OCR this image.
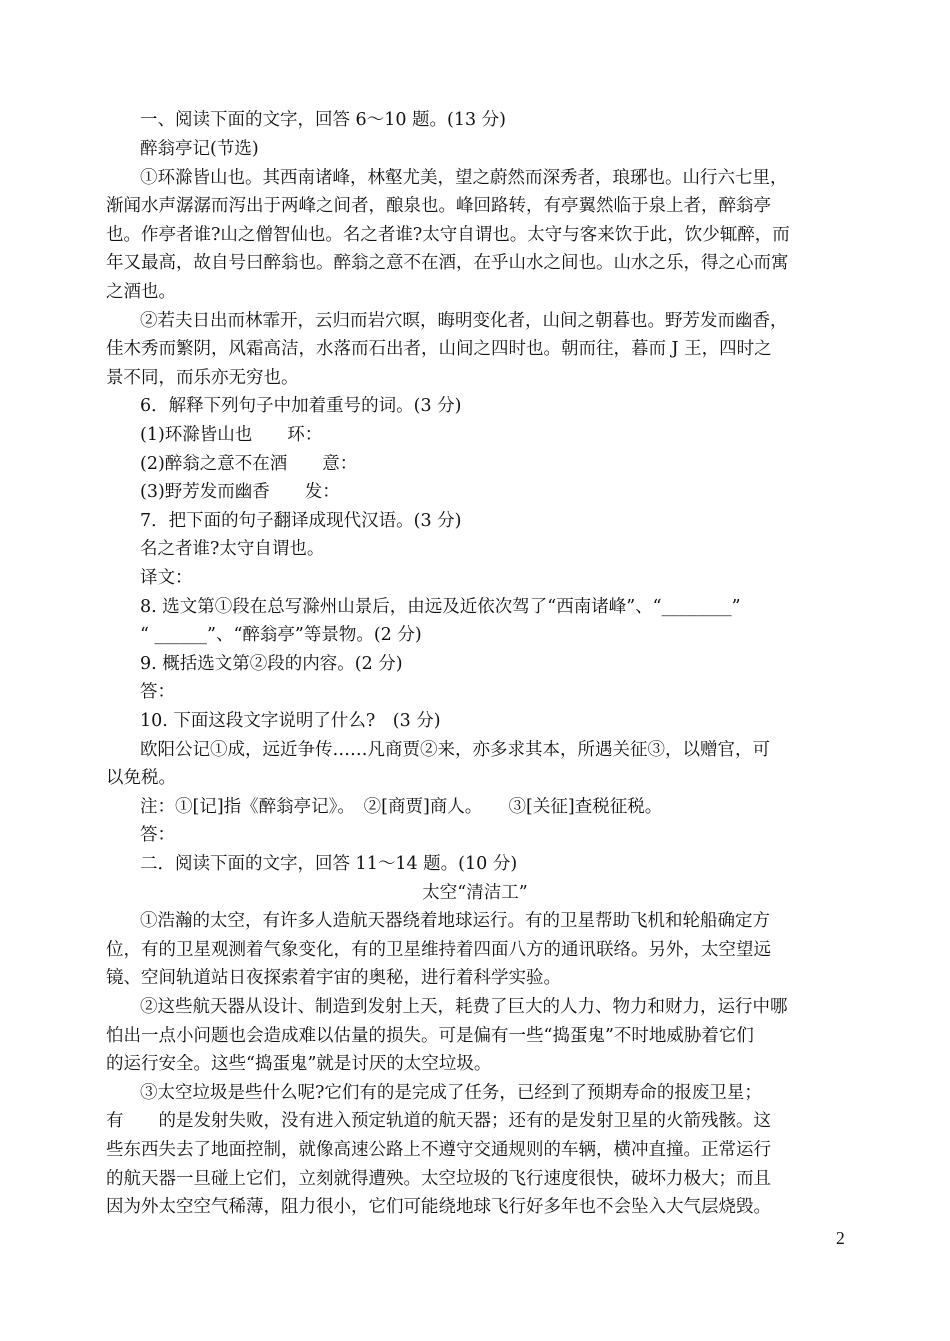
一、阅读下面的文字，回答 6～10 题。(13 分)
醉翁亭记(节选)
①环滁皆山也。其西南诸峰，林壑尤美，望之蔚然而深秀者，琅琊也。山行六七里，
渐闻水声潺潺而泻出于两峰之间者，酿泉也。峰回路转，有亭翼然临于泉上者，醉翁亭
也。作亭者谁?山之僧智仙也。名之者谁?太守自谓也。太守与客来饮于此，饮少辄醉，而
年又最高，故自号曰醉翁也。醉翁之意不在酒，在乎山水之间也。山水之乐，得之心而寓
之酒也。
②若夫日出而林霏开，云归而岩穴暝，晦明变化者，山间之朝暮也。野芳发而幽香，
佳木秀而繁阴，风霜高洁，水落而石出者，山间之四时也。朝而往，暮而 J 王，四时之
景不同，而乐亦无穷也。
6．解释下列句子中加着重号的词。(3 分)
(1)环滁皆山也　　环：
(2)醉翁之意不在酒　　意：
(3)野芳发而幽香　　发：
7．把下面的句子翻译成现代汉语。(3 分)
名之者谁?太守自谓也。
译文：
8. 选文第①段在总写滁州山景后，由远及近依次驾了“西南诸峰”、“________”
“ ______”、“醉翁亭”等景物。(2 分)
9. 概括选文第②段的内容。(2 分)
答：
10. 下面这段文字说明了什么?　(3 分)
欧阳公记①成，远近争传……凡商贾②来，亦多求其本，所遇关征③，以赠官，可
以免税。
注：①[记]指《醉翁亭记》。　②[商贾]商人。　　③[关征]查税征税。
答：
二．阅读下面的文字，回答 11～14 题。(10 分)
太空“清洁工”
①浩瀚的太空，有许多人造航天器绕着地球运行。有的卫星帮助飞机和轮船确定方
位，有的卫星观测着气象变化，有的卫星维持着四面八方的通讯联络。另外，太空望远
镜、空间轨道站日夜探索着宇宙的奥秘，进行着科学实验。
②这些航天器从设计、制造到发射上天，耗费了巨大的人力、物力和财力，运行中哪
怕出一点小问题也会造成难以估量的损失。可是偏有一些“捣蛋鬼”不时地威胁着它们
的运行安全。这些“捣蛋鬼”就是讨厌的太空垃圾。
③太空垃圾是些什么呢?它们有的是完成了任务，已经到了预期寿命的报废卫星；
有　　的是发射失败，没有进入预定轨道的航天器；还有的是发射卫星的火箭残骸。这
些东西失去了地面控制，就像高速公路上不遵守交通规则的车辆，横冲直撞。正常运行
的航天器一旦碰上它们，立刻就得遭殃。太空垃圾的飞行速度很快，破坏力极大；而且
因为外太空空气稀薄，阻力很小，它们可能绕地球飞行好多年也不会坠入大气层烧毁。
2
